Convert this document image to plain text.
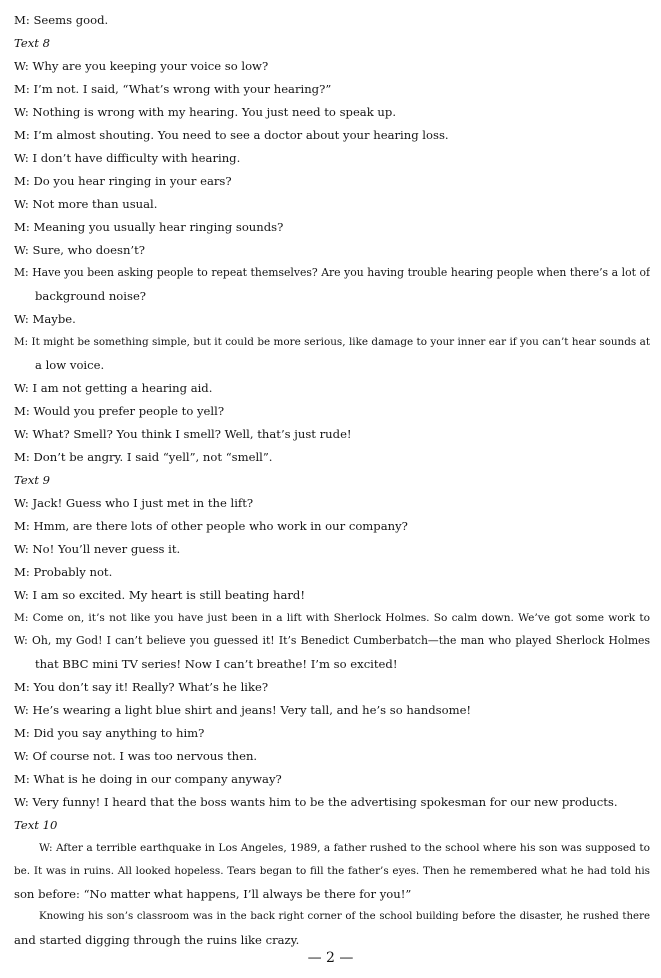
M: Seems good.
Text 8
W: Why are you keeping your voice so low?
M: I’m not. I said, “What’s wrong with your hearing?”
W: Nothing is wrong with my hearing. You just need to speak up.
M: I’m almost shouting. You need to see a doctor about your hearing loss.
W: I don’t have difficulty with hearing.
M: Do you hear ringing in your ears?
W: Not more than usual.
M: Meaning you usually hear ringing sounds?
W: Sure, who doesn’t?
M: Have you been asking people to repeat themselves? Are you having trouble hearing people when there’s a lot of
background noise?
W: Maybe.
M: It might be something simple, but it could be more serious, like damage to your inner ear if you can’t hear sounds at
a low voice.
W: I am not getting a hearing aid.
M: Would you prefer people to yell?
W: What? Smell? You think I smell? Well, that’s just rude!
M: Don’t be angry. I said “yell”, not “smell”.
Text 9
W: Jack! Guess who I just met in the lift?
M: Hmm, are there lots of other people who work in our company?
W: No! You’ll never guess it.
M: Probably not.
W: I am so excited. My heart is still beating hard!
M: Come on, it’s not like you have just been in a lift with Sherlock Holmes. So calm down. We’ve got some work to
W: Oh, my God! I can’t believe you guessed it! It’s Benedict Cumberbatch—the man who played Sherlock Holmes
that BBC mini TV series! Now I can’t breathe! I’m so excited!
M: You don’t say it! Really? What’s he like?
W: He’s wearing a light blue shirt and jeans! Very tall, and he’s so handsome!
M: Did you say anything to him?
W: Of course not. I was too nervous then.
M: What is he doing in our company anyway?
W: Very funny! I heard that the boss wants him to be the advertising spokesman for our new products.
Text 10
W: After a terrible earthquake in Los Angeles, 1989, a father rushed to the school where his son was supposed to
be. It was in ruins. All looked hopeless. Tears began to fill the father’s eyes. Then he remembered what he had told his
son before: “No matter what happens, I’ll always be there for you!”
Knowing his son’s classroom was in the back right corner of the school building before the disaster, he rushed there
and started digging through the ruins like crazy.
— 2 —
